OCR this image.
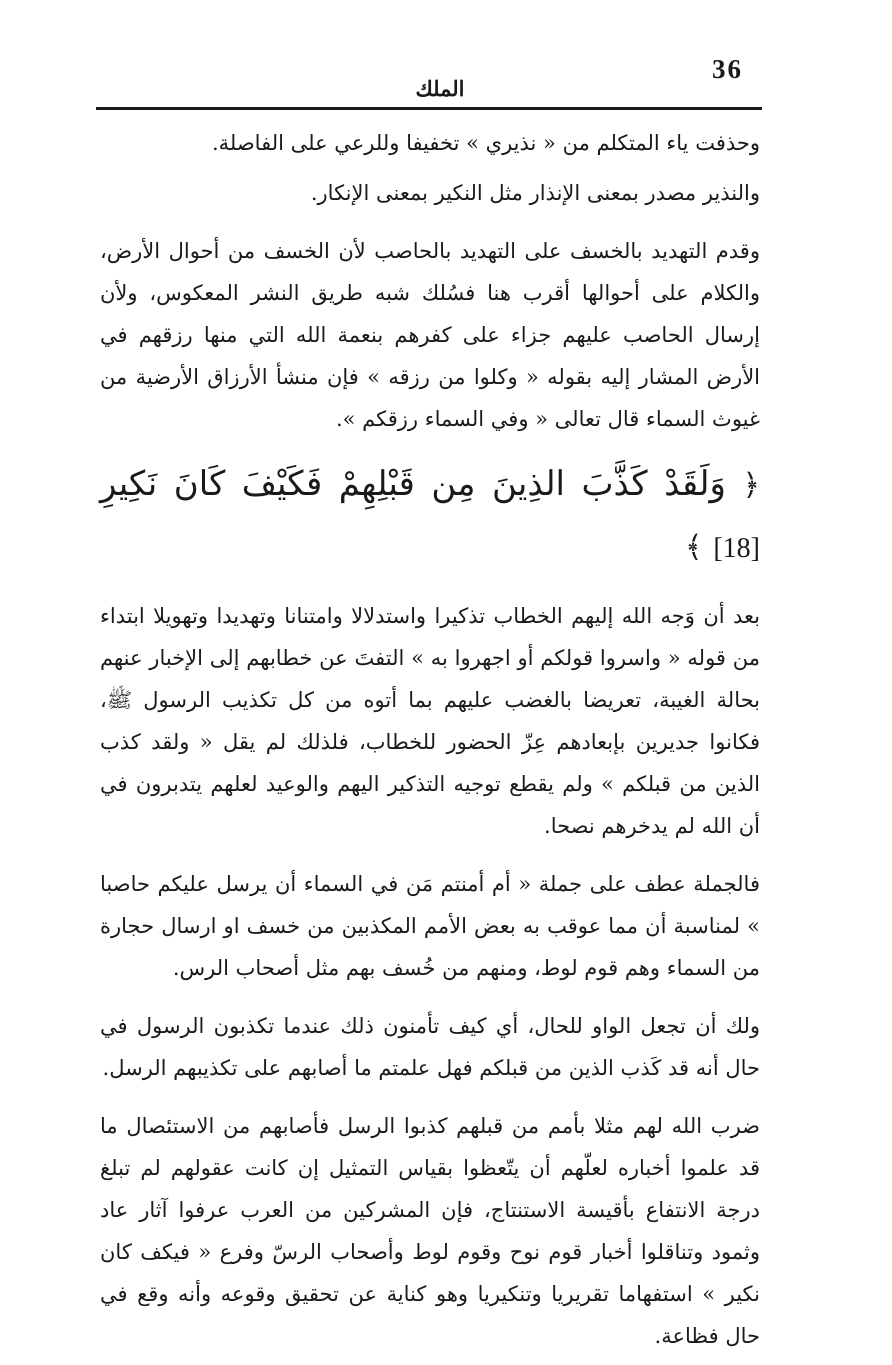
36
الملك

وحذفت ياء المتكلم من « نذيري » تخفيفا وللرعي على الفاصلة.

والنذير مصدر بمعنى الإنذار مثل النكير بمعنى الإنكار.

وقدم التهديد بالخسف على التهديد بالحاصب لأن الخسف من أحوال الأرض، والكلام على أحوالها أقرب هنا فسُلك شبه طريق النشر المعكوس، ولأن إرسال الحاصب عليهم جزاء على كفرهم بنعمة الله التي منها رزقهم في الأرض المشار إليه بقوله « وكلوا من رزقه » فإن منشأ الأرزاق الأرضية من غيوث السماء قال تعالى « وفي السماء رزقكم ».

﴿ وَلَقَدْ كَذَّبَ الذِينَ مِن قَبْلِهِمْ فَكَيْفَ كَانَ نَكِيرِ [18] ﴾

بعد أن وَجه الله إليهم الخطاب تذكيرا واستدلالا وامتنانا وتهديدا وتهويلا ابتداء من قوله « واسروا قولكم أو اجهروا به » التفتَ عن خطابهم إلى الإخبار عنهم بحالة الغيبة، تعريضا بالغضب عليهم بما أتوه من كل تكذيب الرسول ﷺ، فكانوا جديرين بإبعادهم عِزّ الحضور للخطاب، فلذلك لم يقل « ولقد كذب الذين من قبلكم » ولم يقطع توجيه التذكير اليهم والوعيد لعلهم يتدبرون في أن الله لم يدخرهم نصحا.

فالجملة عطف على جملة « أم أمنتم مَن في السماء أن يرسل عليكم حاصبا » لمناسبة أن مما عوقب به بعض الأمم المكذبين من خسف او ارسال حجارة من السماء وهم قوم لوط، ومنهم من خُسف بهم مثل أصحاب الرس.

ولك أن تجعل الواو للحال، أي كيف تأمنون ذلك عندما تكذبون الرسول في حال أنه قد كَذب الذين من قبلكم فهل علمتم ما أصابهم على تكذيبهم الرسل.

ضرب الله لهم مثلا بأمم من قبلهم كذبوا الرسل فأصابهم من الاستئصال ما قد علموا أخباره لعلّهم أن يتّعظوا بقياس التمثيل إن كانت عقولهم لم تبلغ درجة الانتفاع بأقيسة الاستنتاج، فإن المشركين من العرب عرفوا آثار عاد وثمود وتناقلوا أخبار قوم نوح وقوم لوط وأصحاب الرسّ وفرع « فيكف كان نكير » استفهاما تقريريا وتنكيريا وهو كناية عن تحقيق وقوعه وأنه وقع في حال فظاعة.
